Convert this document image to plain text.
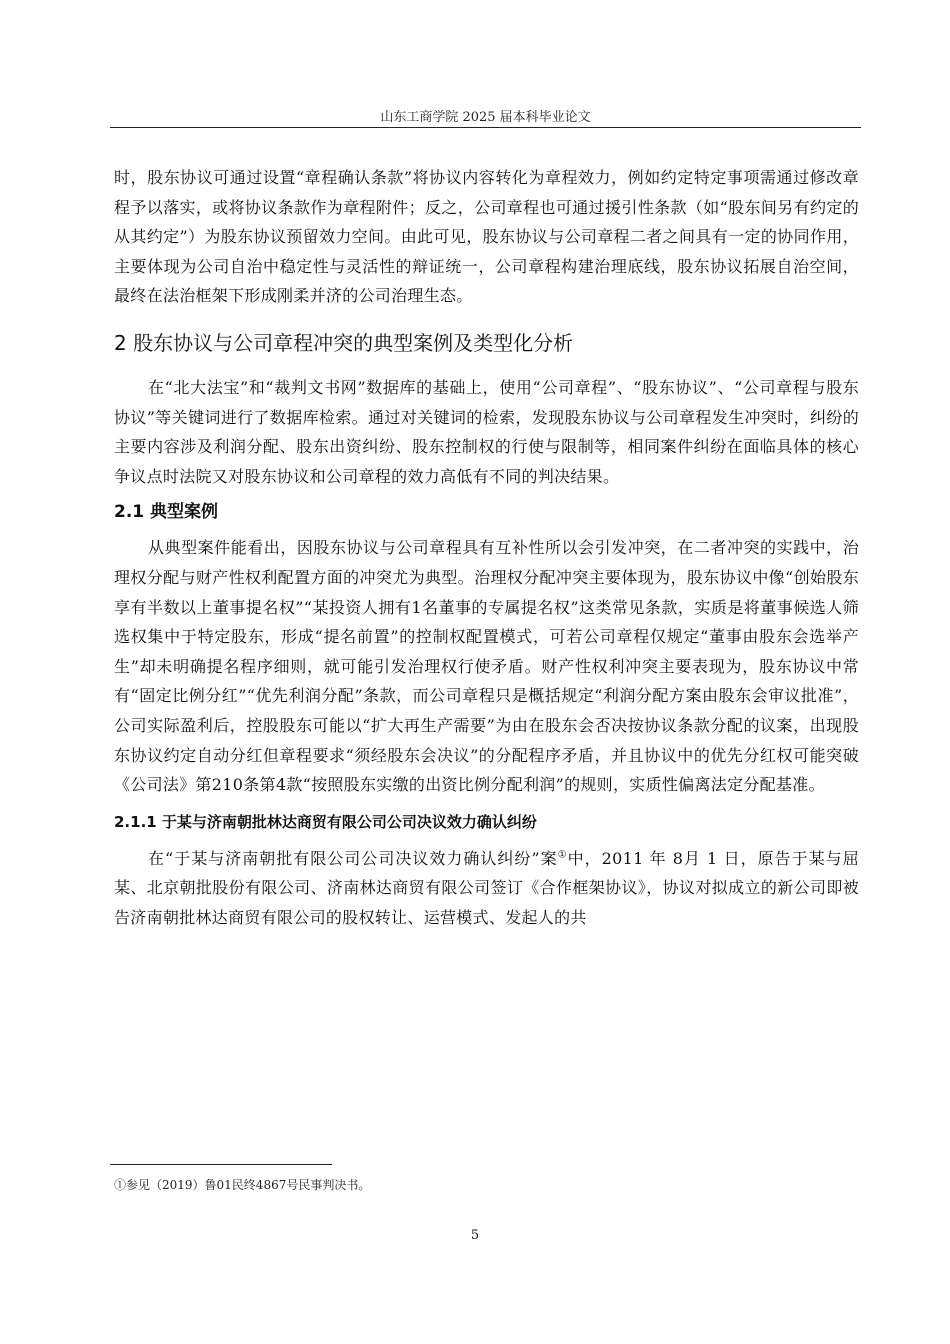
山东工商学院 2025 届本科毕业论文

时，股东协议可通过设置“章程确认条款”将协议内容转化为章程效力，例如约定特定事项需通过修改章程予以落实，或将协议条款作为章程附件；反之，公司章程也可通过援引性条款（如“股东间另有约定的从其约定”）为股东协议预留效力空间。由此可见，股东协议与公司章程二者之间具有一定的协同作用，主要体现为公司自治中稳定性与灵活性的辩证统一，公司章程构建治理底线，股东协议拓展自治空间，最终在法治框架下形成刚柔并济的公司治理生态。

2 股东协议与公司章程冲突的典型案例及类型化分析

在“北大法宝”和“裁判文书网”数据库的基础上，使用“公司章程”、“股东协议”、“公司章程与股东协议”等关键词进行了数据库检索。通过对关键词的检索，发现股东协议与公司章程发生冲突时，纠纷的主要内容涉及利润分配、股东出资纠纷、股东控制权的行使与限制等，相同案件纠纷在面临具体的核心争议点时法院又对股东协议和公司章程的效力高低有不同的判决结果。

2.1 典型案例

从典型案件能看出，因股东协议与公司章程具有互补性所以会引发冲突，在二者冲突的实践中，治理权分配与财产性权利配置方面的冲突尤为典型。治理权分配冲突主要体现为，股东协议中像“创始股东享有半数以上董事提名权”“某投资人拥有1名董事的专属提名权”这类常见条款，实质是将董事候选人筛选权集中于特定股东，形成“提名前置”的控制权配置模式，可若公司章程仅规定“董事由股东会选举产生”却未明确提名程序细则，就可能引发治理权行使矛盾。财产性权利冲突主要表现为，股东协议中常有“固定比例分红”“优先利润分配”条款，而公司章程只是概括规定“利润分配方案由股东会审议批准”，公司实际盈利后，控股股东可能以“扩大再生产需要”为由在股东会否决按协议条款分配的议案，出现股东协议约定自动分红但章程要求“须经股东会决议”的分配程序矛盾，并且协议中的优先分红权可能突破《公司法》第210条第4款“按照股东实缴的出资比例分配利润”的规则，实质性偏离法定分配基准。

2.1.1 于某与济南朝批林达商贸有限公司公司决议效力确认纠纷

在“于某与济南朝批有限公司公司决议效力确认纠纷”案①中，2011 年 8月 1 日，原告于某与屈某、北京朝批股份有限公司、济南林达商贸有限公司签订《合作框架协议》，协议对拟成立的新公司即被告济南朝批林达商贸有限公司的股权转让、运营模式、发起人的共

①参见（2019）鲁01民终4867号民事判决书。
5
